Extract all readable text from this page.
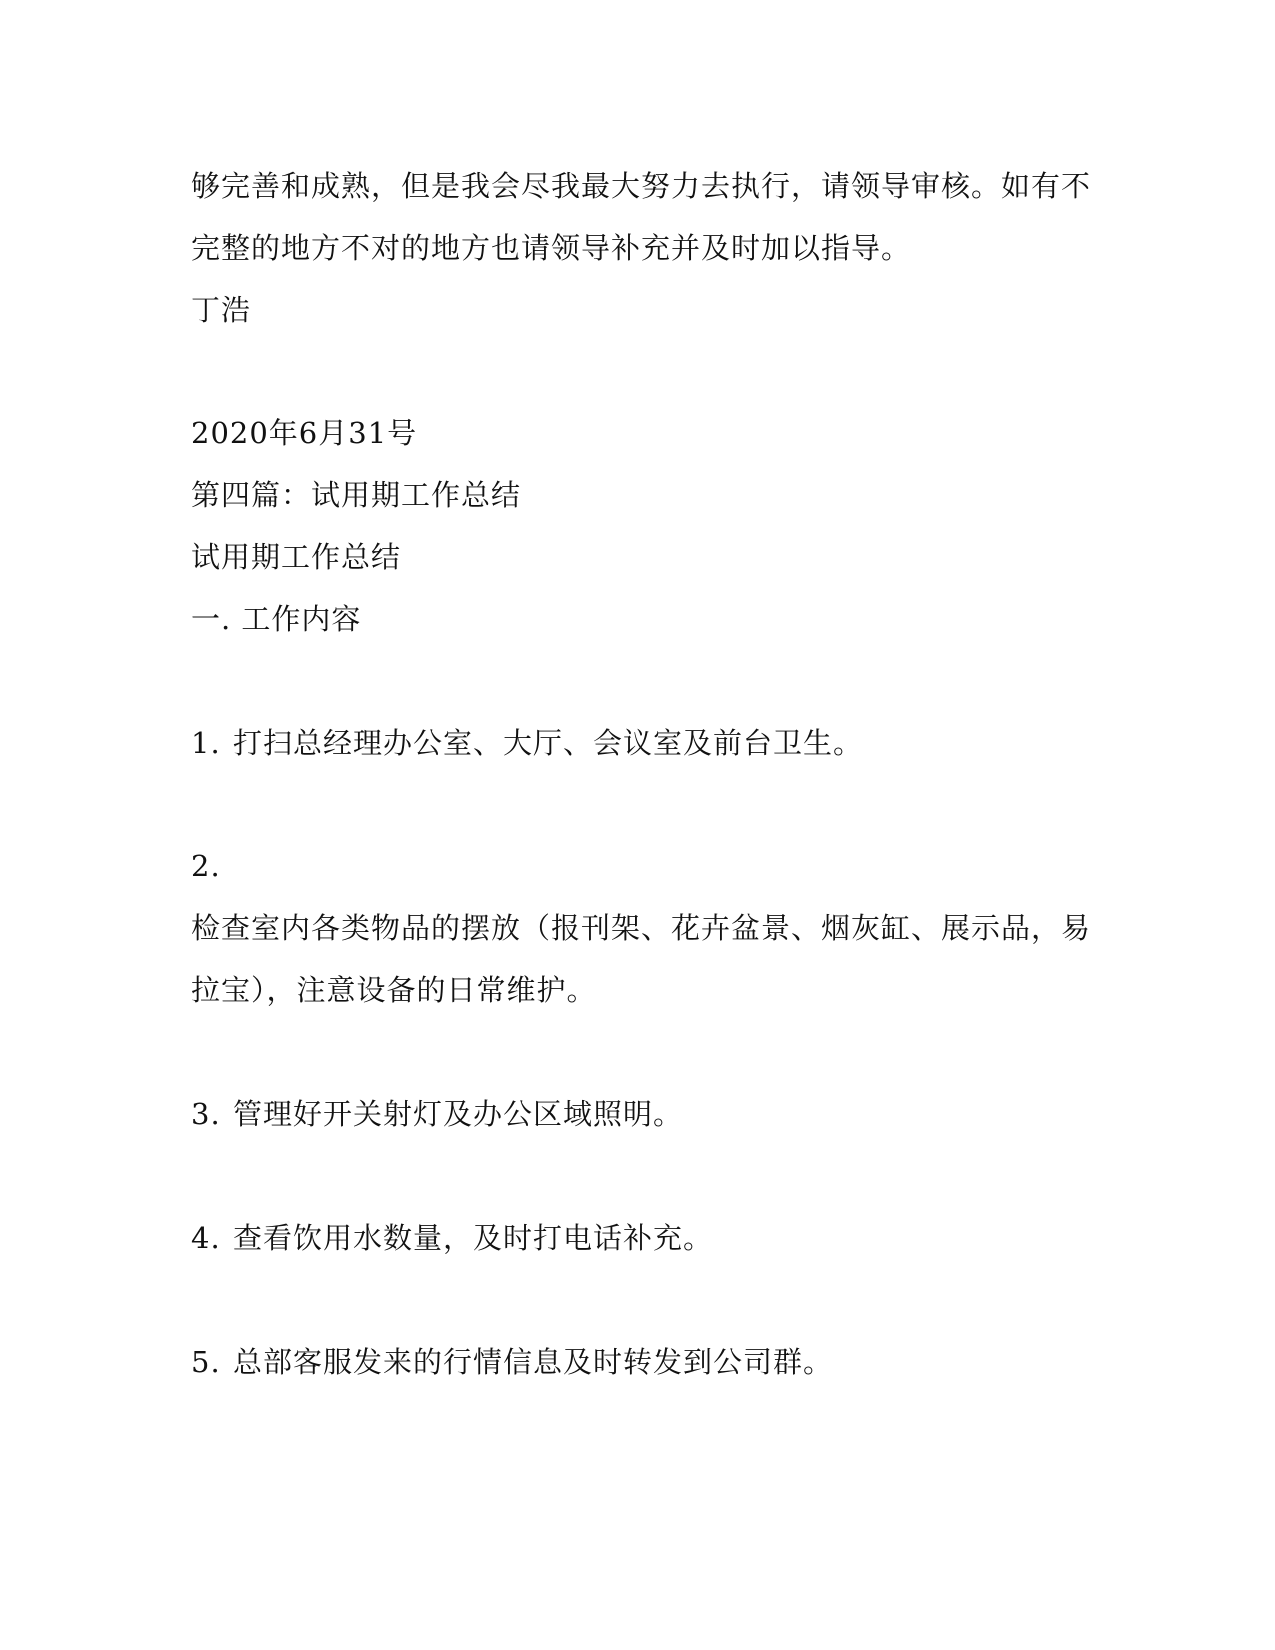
够完善和成熟，但是我会尽我最大努力去执行，请领导审核。如有不
完整的地方不对的地方也请领导补充并及时加以指导。
丁浩
2020年6月31号
第四篇：试用期工作总结
试用期工作总结
一. 工作内容
1. 打扫总经理办公室、大厅、会议室及前台卫生。
2.
检查室内各类物品的摆放（报刊架、花卉盆景、烟灰缸、展示品，易
拉宝），注意设备的日常维护。
3. 管理好开关射灯及办公区域照明。
4. 查看饮用水数量，及时打电话补充。
5. 总部客服发来的行情信息及时转发到公司群。
